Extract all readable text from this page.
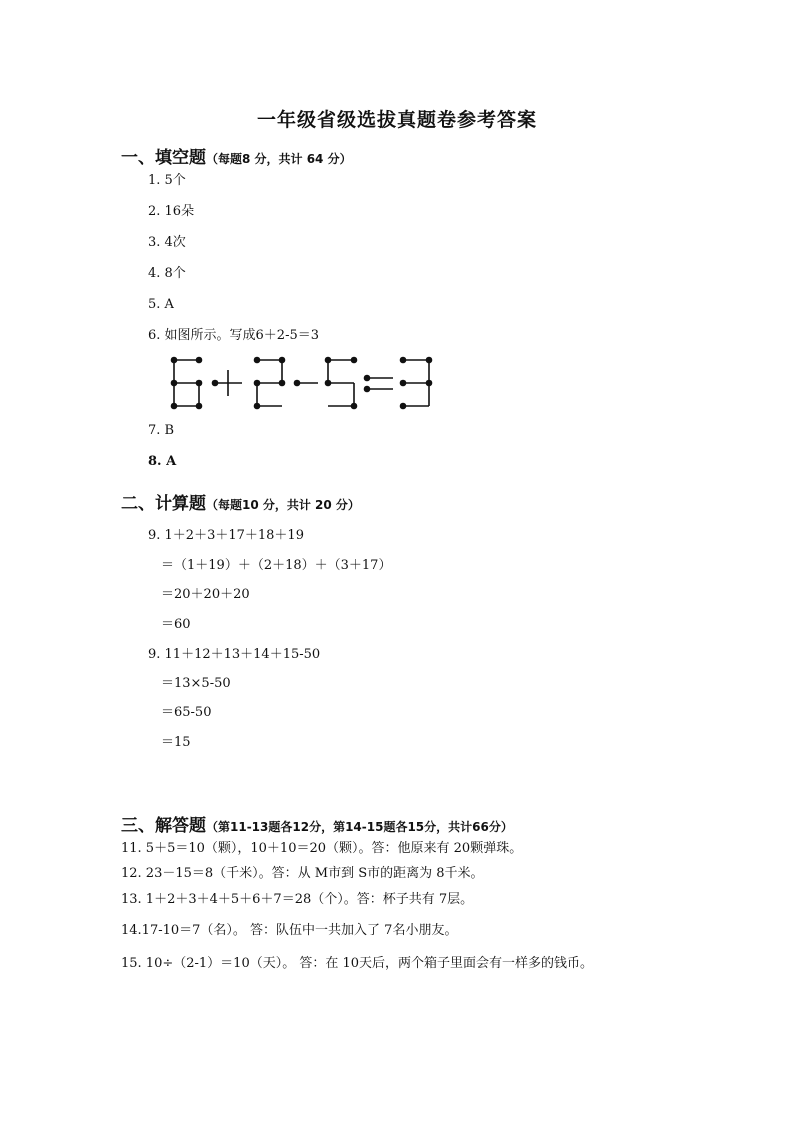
一年级省级选拔真题卷参考答案
一、填空题（每题8 分，共计 64 分）
1. 5个
2. 16朵
3. 4次
4. 8个
5. A
6. 如图所示。写成6＋2-5＝3
7. B
8. A
二、计算题（每题10 分，共计 20 分）
9. 1＋2＋3＋17＋18＋19
＝（1＋19）＋（2＋18）＋（3＋17）
＝20＋20＋20
＝60
9. 11＋12＋13＋14＋15-50
＝13×5-50
＝65-50
＝15
三、解答题（第11-13题各12分，第14-15题各15分，共计66分）
11. 5＋5＝10（颗），10＋10＝20（颗）。答：他原来有 20颗弹珠。
12. 23－15＝8（千米）。答：从 M市到 S市的距离为 8千米。
13. 1＋2＋3＋4＋5＋6＋7＝28（个）。答：杯子共有 7层。
14.17-10＝7（名）。 答：队伍中一共加入了 7名小朋友。
15. 10÷（2-1）＝10（天）。 答：在 10天后，两个箱子里面会有一样多的钱币。
